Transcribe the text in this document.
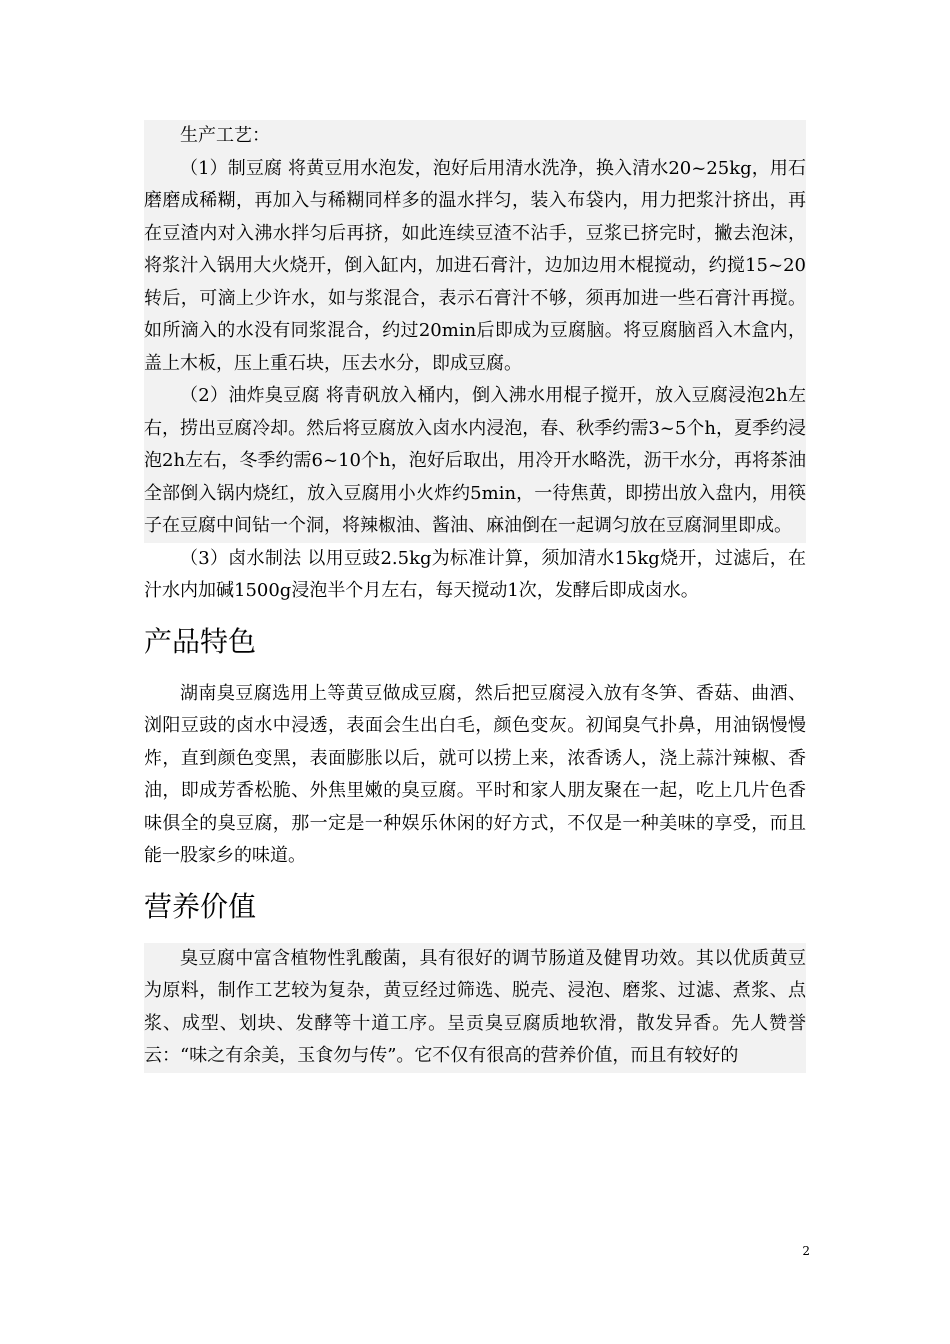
生产工艺：

（1）制豆腐 将黄豆用水泡发，泡好后用清水洗净，换入清水20~25kg，用石磨磨成稀糊，再加入与稀糊同样多的温水拌匀，装入布袋内，用力把浆汁挤出，再在豆渣内对入沸水拌匀后再挤，如此连续豆渣不沾手，豆浆已挤完时，撇去泡沫，将浆汁入锅用大火烧开，倒入缸内，加进石膏汁，边加边用木棍搅动，约搅15~20转后，可滴上少许水，如与浆混合，表示石膏汁不够，须再加进一些石膏汁再搅。如所滴入的水没有同浆混合，约过20min后即成为豆腐脑。将豆腐脑舀入木盒内，盖上木板，压上重石块，压去水分，即成豆腐。

（2）油炸臭豆腐 将青矾放入桶内，倒入沸水用棍子搅开，放入豆腐浸泡2h左右，捞出豆腐冷却。然后将豆腐放入卤水内浸泡，春、秋季约需3~5个h，夏季约浸泡2h左右，冬季约需6~10个h，泡好后取出，用冷开水略洗，沥干水分，再将茶油全部倒入锅内烧红，放入豆腐用小火炸约5min，一待焦黄，即捞出放入盘内，用筷子在豆腐中间钻一个洞，将辣椒油、酱油、麻油倒在一起调匀放在豆腐洞里即成。

（3）卤水制法 以用豆豉2.5kg为标准计算，须加清水15kg烧开，过滤后，在汁水内加碱1500g浸泡半个月左右，每天搅动1次，发酵后即成卤水。

产品特色

湖南臭豆腐选用上等黄豆做成豆腐，然后把豆腐浸入放有冬笋、香菇、曲酒、浏阳豆豉的卤水中浸透，表面会生出白毛，颜色变灰。初闻臭气扑鼻，用油锅慢慢炸，直到颜色变黑，表面膨胀以后，就可以捞上来，浓香诱人，浇上蒜汁辣椒、香油，即成芳香松脆、外焦里嫩的臭豆腐。平时和家人朋友聚在一起，吃上几片色香味俱全的臭豆腐，那一定是一种娱乐休闲的好方式，不仅是一种美味的享受，而且能一股家乡的味道。

营养价值

臭豆腐中富含植物性乳酸菌，具有很好的调节肠道及健胃功效。其以优质黄豆为原料，制作工艺较为复杂，黄豆经过筛选、脱壳、浸泡、磨浆、过滤、煮浆、点浆、成型、划块、发酵等十道工序。呈贡臭豆腐质地软滑，散发异香。先人赞誉云：“味之有余美，玉食勿与传”。它不仅有很高的营养价值，而且有较好的

2
